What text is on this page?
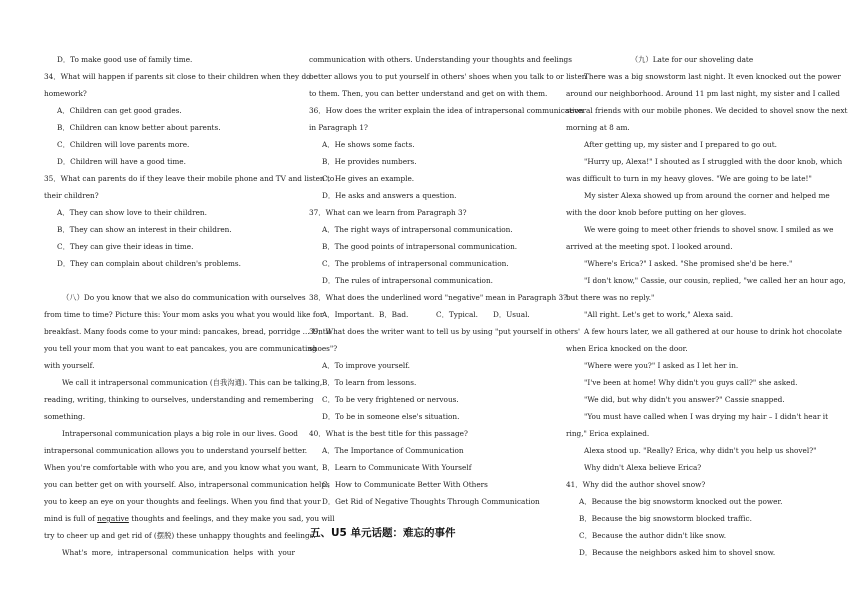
D．To make good use of family time.
34．What will happen if parents sit close to their children when they do
homework?
A．Children can get good grades.
B．Children can know better about parents.
C．Children will love parents more.
D．Children will have a good time.
35．What can parents do if they leave their mobile phone and TV and listen to
their children?
A．They can show love to their children.
B．They can show an interest in their children.
C．They can give their ideas in time.
D．They can complain about children's problems.
（八）Do you know that we also do communication with ourselves
from time to time? Picture this: Your mom asks you what you would like for
breakfast. Many foods come to your mind: pancakes, bread, porridge ... Until
you tell your mom that you want to eat pancakes, you are communicating
with yourself.
We call it intrapersonal communication (自我沟通). This can be talking,
reading, writing, thinking to ourselves, understanding and remembering
something.
Intrapersonal communication plays a big role in our lives. Good
intrapersonal communication allows you to understand yourself better.
When you're comfortable with who you are, and you know what you want,
you can better get on with yourself. Also, intrapersonal communication helps
you to keep an eye on your thoughts and feelings. When you find that your
mind is full of negative thoughts and feelings, and they make you sad, you will
try to cheer up and get rid of (摆脱) these unhappy thoughts and feelings.
What's more, intrapersonal communication helps with your
communication with others. Understanding your thoughts and feelings
better allows you to put yourself in others' shoes when you talk to or listen
to them. Then, you can better understand and get on with them.
36．How does the writer explain the idea of intrapersonal communication
in Paragraph 1?
A．He shows some facts.
B．He provides numbers.
C．He gives an example.
D．He asks and answers a question.
37．What can we learn from Paragraph 3?
A．The right ways of intrapersonal communication.
B．The good points of intrapersonal communication.
C．The problems of intrapersonal communication.
D．The rules of intrapersonal communication.
38．What does the underlined word "negative" mean in Paragraph 3?
A．Important. B．Bad.	C．Typical.	D．Usual.
39．What does the writer want to tell us by using "put yourself in others'
shoes"?
A．To improve yourself.
B．To learn from lessons.
C．To be very frightened or nervous.
D．To be in someone else's situation.
40．What is the best title for this passage?
A．The Importance of Communication
B．Learn to Communicate With Yourself
C．How to Communicate Better With Others
D．Get Rid of Negative Thoughts Through Communication
五、U5 单元话题：难忘的事件
（九）Late for our shoveling date
There was a big snowstorm last night. It even knocked out the power
around our neighborhood. Around 11 pm last night, my sister and I called
several friends with our mobile phones. We decided to shovel snow the next
morning at 8 am.
After getting up, my sister and I prepared to go out.
"Hurry up, Alexa!" I shouted as I struggled with the door knob, which
was difficult to turn in my heavy gloves. "We are going to be late!"
My sister Alexa showed up from around the corner and helped me
with the door knob before putting on her gloves.
We were going to meet other friends to shovel snow. I smiled as we
arrived at the meeting spot. I looked around.
"Where's Erica?" I asked. "She promised she'd be here."
"I don't know," Cassie, our cousin, replied, "we called her an hour ago,
but there was no reply."
"All right. Let's get to work," Alexa said.
A few hours later, we all gathered at our house to drink hot chocolate
when Erica knocked on the door.
"Where were you?" I asked as I let her in.
"I've been at home! Why didn't you guys call?" she asked.
"We did, but why didn't you answer?" Cassie snapped.
"You must have called when I was drying my hair – I didn't hear it
ring," Erica explained.
Alexa stood up. "Really? Erica, why didn't you help us shovel?"
Why didn't Alexa believe Erica?
41．Why did the author shovel snow?
A．Because the big snowstorm knocked out the power.
B．Because the big snowstorm blocked traffic.
C．Because the author didn't like snow.
D．Because the neighbors asked him to shovel snow.
